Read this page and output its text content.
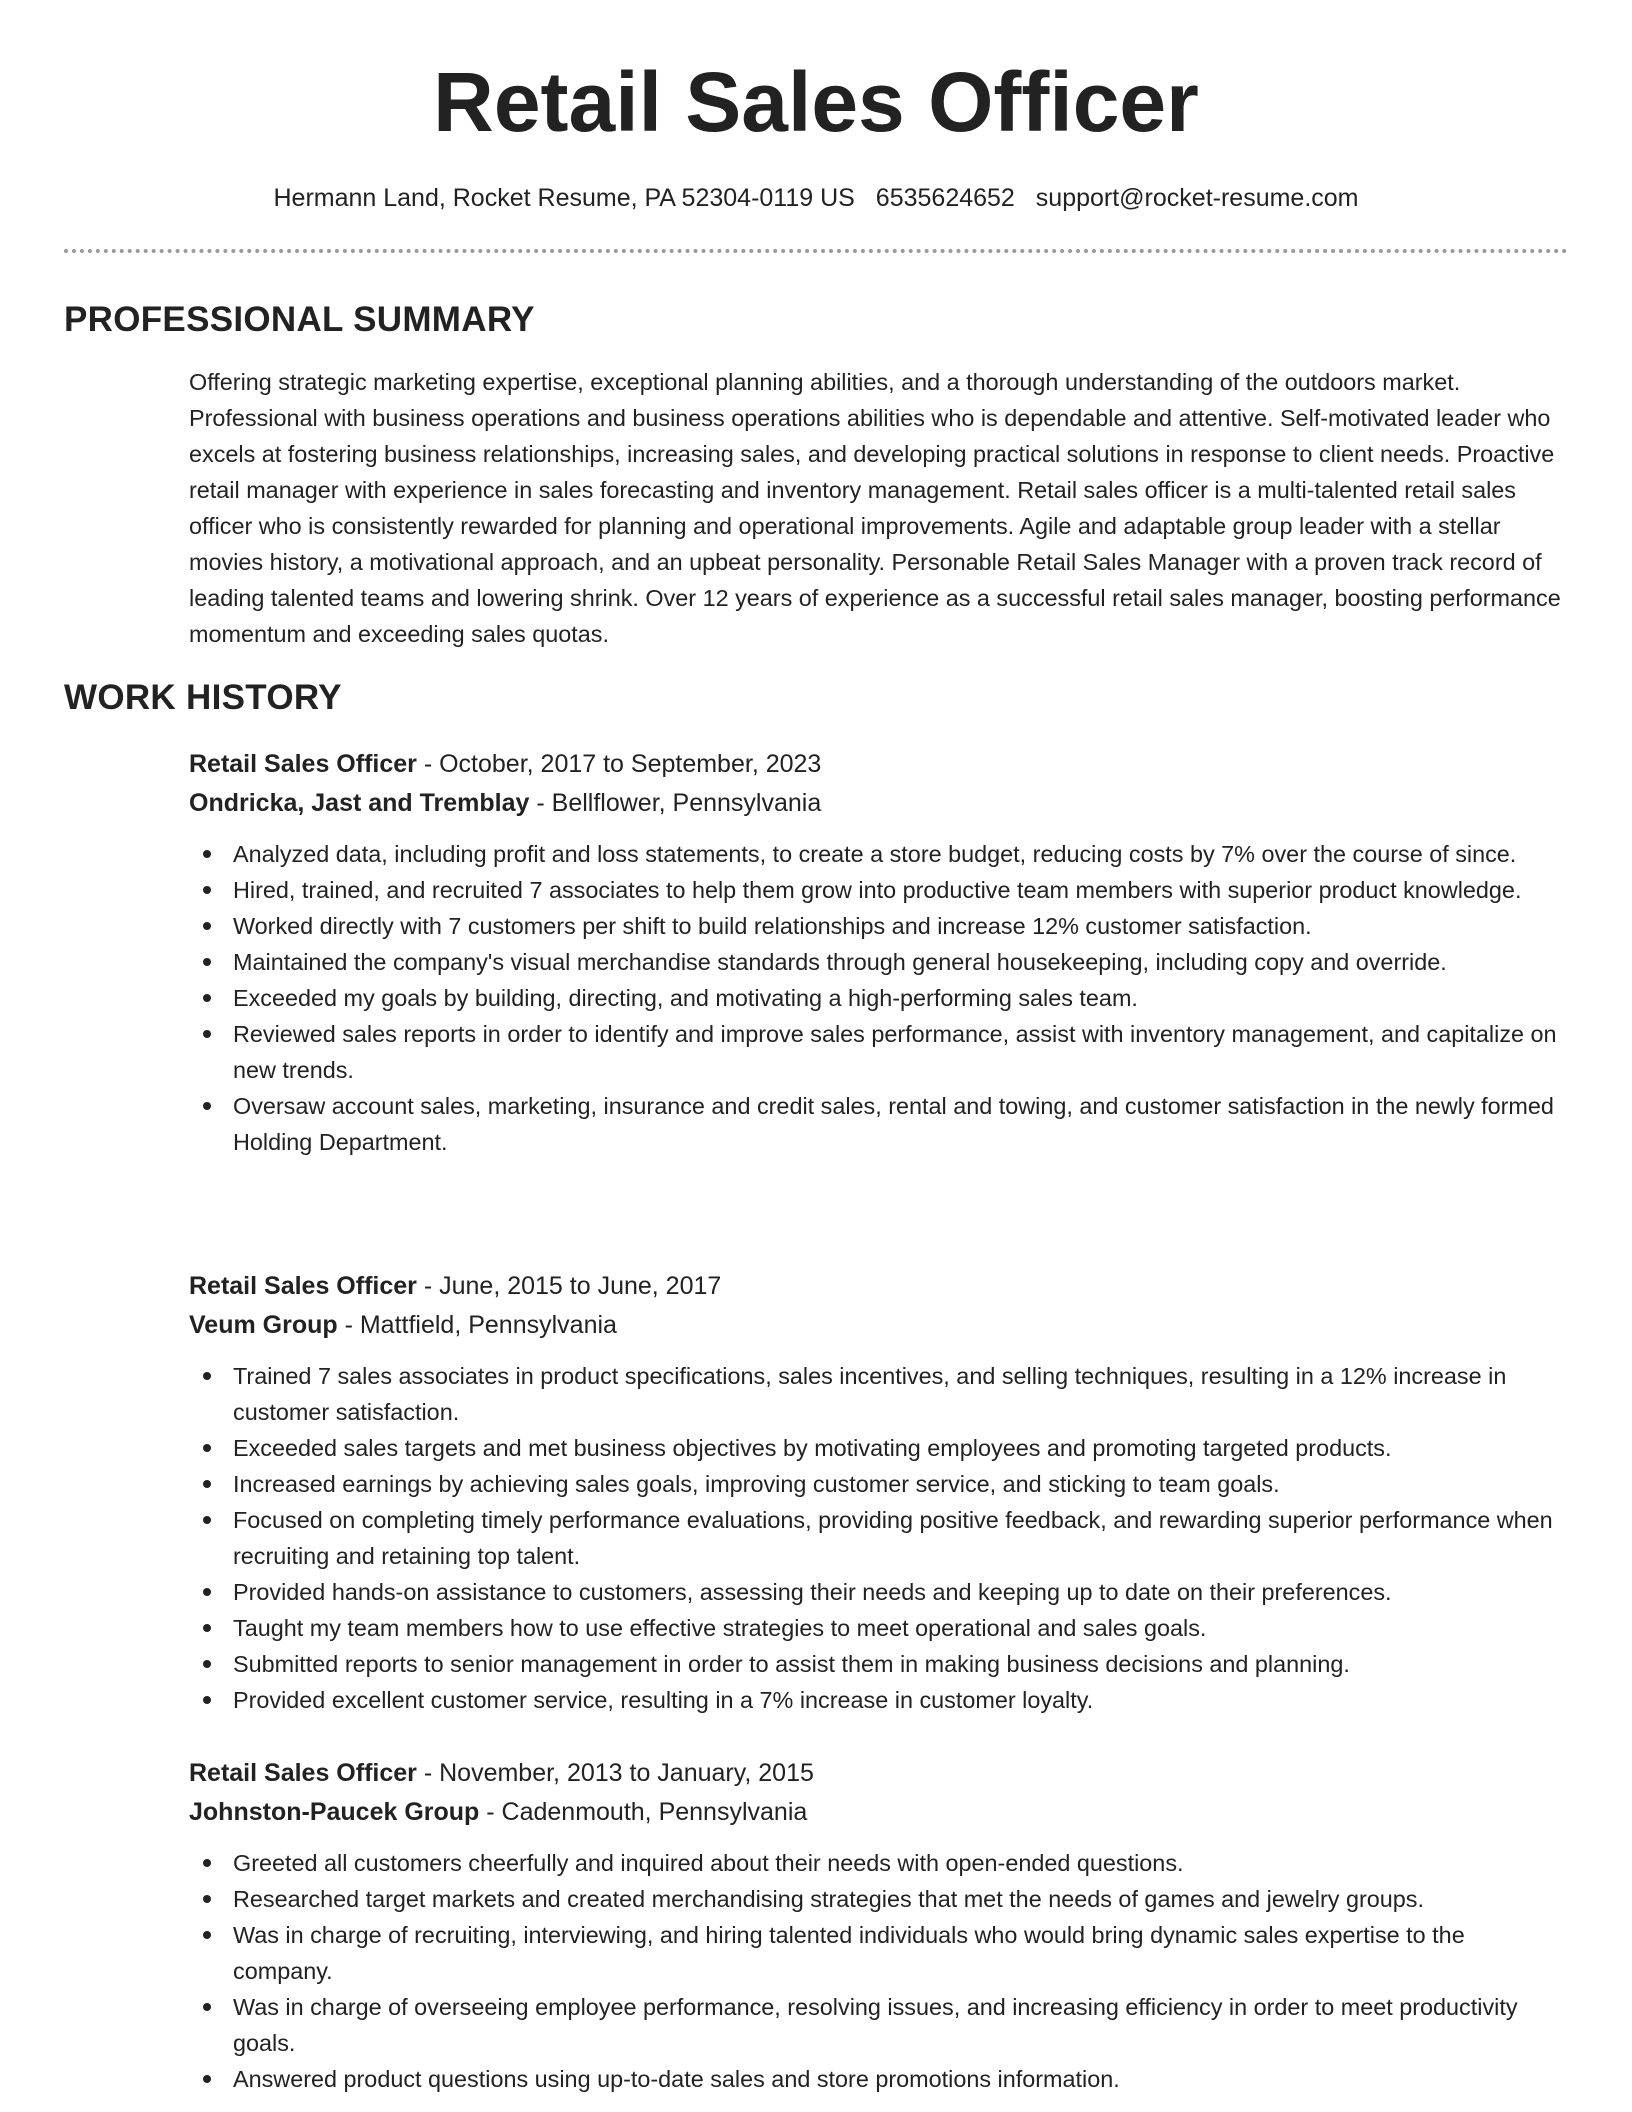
Retail Sales Officer
Hermann Land, Rocket Resume, PA 52304-0119 US 6535624652 support@rocket-resume.com
PROFESSIONAL SUMMARY

Offering strategic marketing expertise, exceptional planning abilities, and a thorough understanding of the outdoors market. Professional with business operations and business operations abilities who is dependable and attentive. Self-motivated leader who excels at fostering business relationships, increasing sales, and developing practical solutions in response to client needs. Proactive retail manager with experience in sales forecasting and inventory management. Retail sales officer is a multi-talented retail sales officer who is consistently rewarded for planning and operational improvements. Agile and adaptable group leader with a stellar movies history, a motivational approach, and an upbeat personality. Personable Retail Sales Manager with a proven track record of leading talented teams and lowering shrink. Over 12 years of experience as a successful retail sales manager, boosting performance momentum and exceeding sales quotas.

WORK HISTORY

Retail Sales Officer - October, 2017 to September, 2023

Ondricka, Jast and Tremblay - Bellflower, Pennsylvania

Analyzed data, including profit and loss statements, to create a store budget, reducing costs by 7% over the course of since.
Hired, trained, and recruited 7 associates to help them grow into productive team members with superior product knowledge.
Worked directly with 7 customers per shift to build relationships and increase 12% customer satisfaction.
Maintained the company's visual merchandise standards through general housekeeping, including copy and override.
Exceeded my goals by building, directing, and motivating a high-performing sales team.
Reviewed sales reports in order to identify and improve sales performance, assist with inventory management, and capitalize on new trends.
Oversaw account sales, marketing, insurance and credit sales, rental and towing, and customer satisfaction in the newly formed Holding Department.

Retail Sales Officer - June, 2015 to June, 2017

Veum Group - Mattfield, Pennsylvania

Trained 7 sales associates in product specifications, sales incentives, and selling techniques, resulting in a 12% increase in customer satisfaction.
Exceeded sales targets and met business objectives by motivating employees and promoting targeted products.
Increased earnings by achieving sales goals, improving customer service, and sticking to team goals.
Focused on completing timely performance evaluations, providing positive feedback, and rewarding superior performance when recruiting and retaining top talent.
Provided hands-on assistance to customers, assessing their needs and keeping up to date on their preferences.
Taught my team members how to use effective strategies to meet operational and sales goals.
Submitted reports to senior management in order to assist them in making business decisions and planning.
Provided excellent customer service, resulting in a 7% increase in customer loyalty.

Retail Sales Officer - November, 2013 to January, 2015

Johnston-Paucek Group - Cadenmouth, Pennsylvania

Greeted all customers cheerfully and inquired about their needs with open-ended questions.
Researched target markets and created merchandising strategies that met the needs of games and jewelry groups.
Was in charge of recruiting, interviewing, and hiring talented individuals who would bring dynamic sales expertise to the company.
Was in charge of overseeing employee performance, resolving issues, and increasing efficiency in order to meet productivity goals.
Answered product questions using up-to-date sales and store promotions information.
